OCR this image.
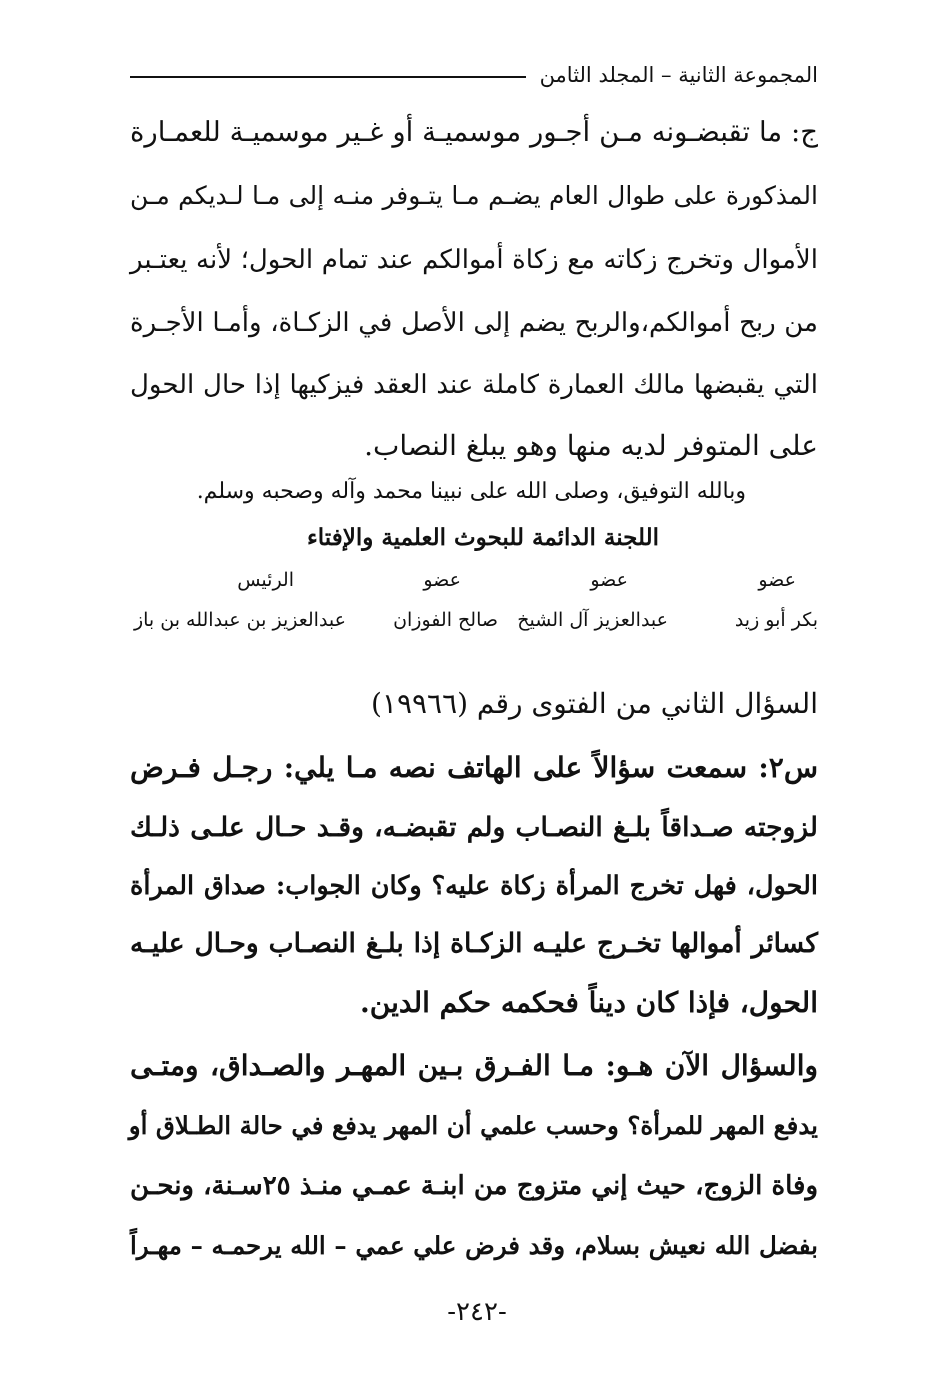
المجموعة الثانية – المجلد الثامن
ج: ما تقبضـونه مـن أجـور موسميـة أو غـير موسميـة للعمـارة
المذكورة على طوال العام يضـم مـا يتـوفر منـه إلى مـا لـديكم مـن
الأموال وتخرج زكاته مع زكاة أموالكم عند تمام الحول؛ لأنه يعتـبر
من ربح أموالكم،والربح يضم إلى الأصل في الزكـاة، وأمـا الأجـرة
التي يقبضها مالك العمارة كاملة عند العقد فيزكيها إذا حال الحول
على المتوفر لديه منها وهو يبلغ النصاب.
وبالله التوفيق، وصلى الله على نبينا محمد وآله وصحبه وسلم.
اللجنة الدائمة للبحوث العلمية والإفتاء
عضو
عضو
عضو
الرئيس
بكر أبو زيد
عبدالعزيز آل الشيخ
صالح الفوزان
عبدالعزيز بن عبدالله بن باز
السؤال الثاني من الفتوى رقم (١٩٩٦٦)
س٢: سمعت سؤالاً على الهاتف نصه مـا يلي: رجـل فـرض
لزوجته صـداقاً بلـغ النصـاب ولم تقبضـه، وقـد حـال علـى ذلـك
الحول، فهل تخرج المرأة زكاة عليه؟ وكان الجواب: صداق المرأة
كسائر أموالها تخـرج عليـه الزكـاة إذا بلـغ النصـاب وحـال عليـه
الحول، فإذا كان ديناً فحكمه حكم الدين.
والسؤال الآن هـو: مـا الفـرق بـين المهـر والصـداق، ومتـى
يدفع المهر للمرأة؟ وحسب علمي أن المهر يدفع في حالة الطـلاق أو
وفاة الزوج، حيث إني متزوج من ابنـة عمـي منـذ ٢٥سـنة، ونحـن
بفضل الله نعيش بسلام، وقد فرض علي عمي – الله يرحمـه – مهـراً
-٢٤٢-
